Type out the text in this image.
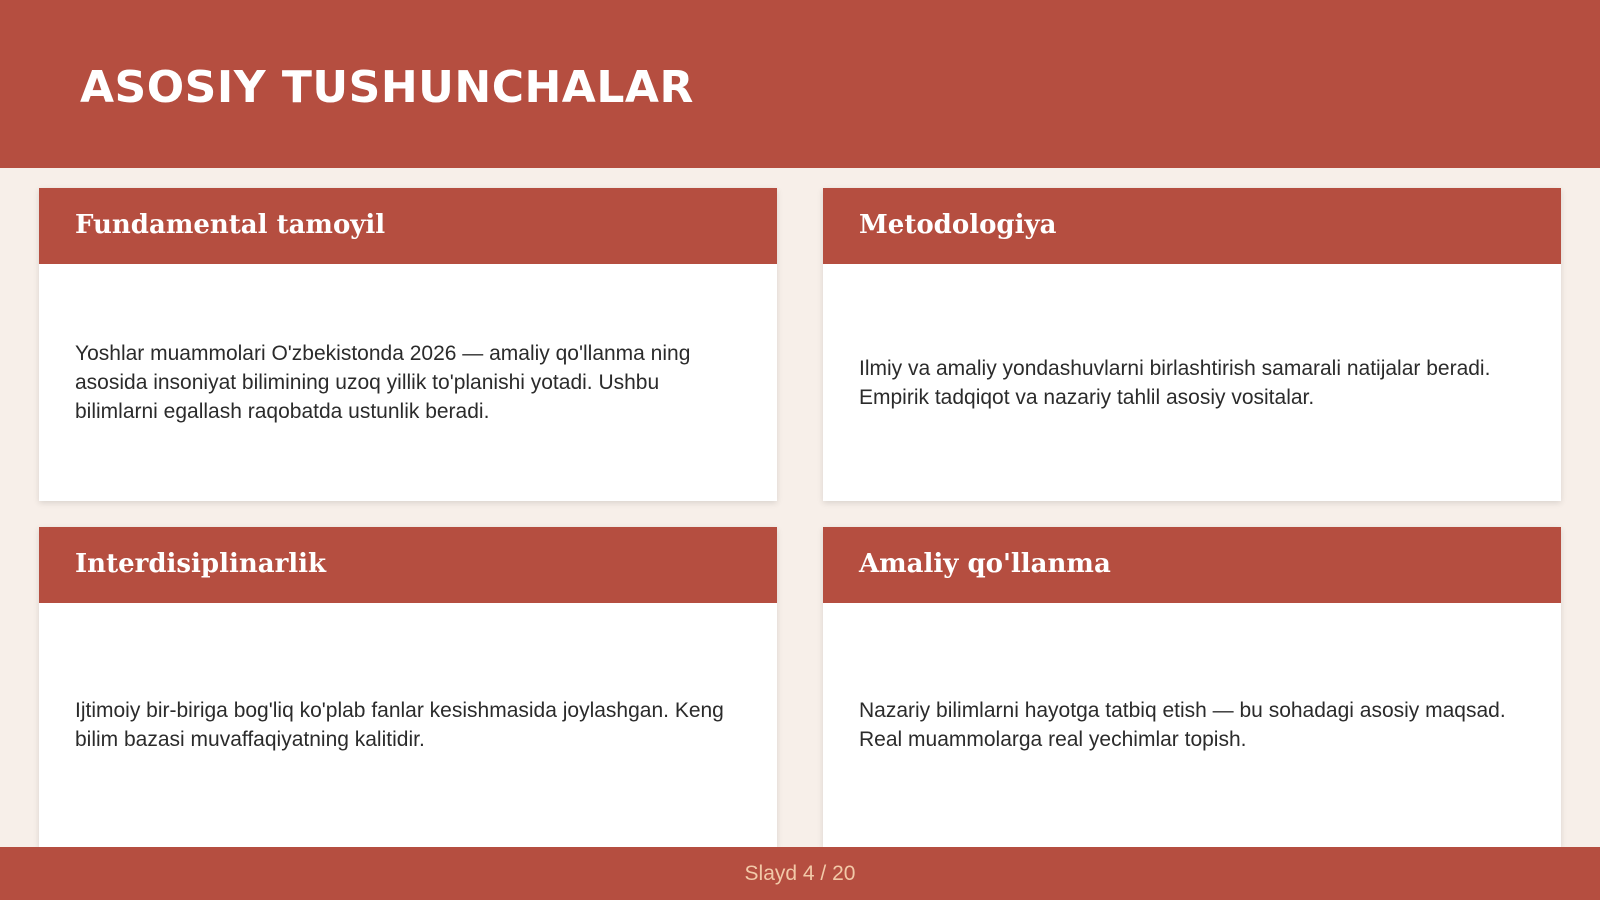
ASOSIY TUSHUNCHALAR
Fundamental tamoyil

Yoshlar muammolari O'zbekistonda 2026 — amaliy qo'llanma ning asosida insoniyat bilimining uzoq yillik to'planishi yotadi. Ushbu bilimlarni egallash raqobatda ustunlik beradi.

Metodologiya

Ilmiy va amaliy yondashuvlarni birlashtirish samarali natijalar beradi. Empirik tadqiqot va nazariy tahlil asosiy vositalar.

Interdisiplinarlik

Ijtimoiy bir-biriga bog'liq ko'plab fanlar kesishmasida joylashgan. Keng bilim bazasi muvaffaqiyatning kalitidir.

Amaliy qo'llanma

Nazariy bilimlarni hayotga tatbiq etish — bu sohadagi asosiy maqsad. Real muammolarga real yechimlar topish.

Slayd 4 / 20
